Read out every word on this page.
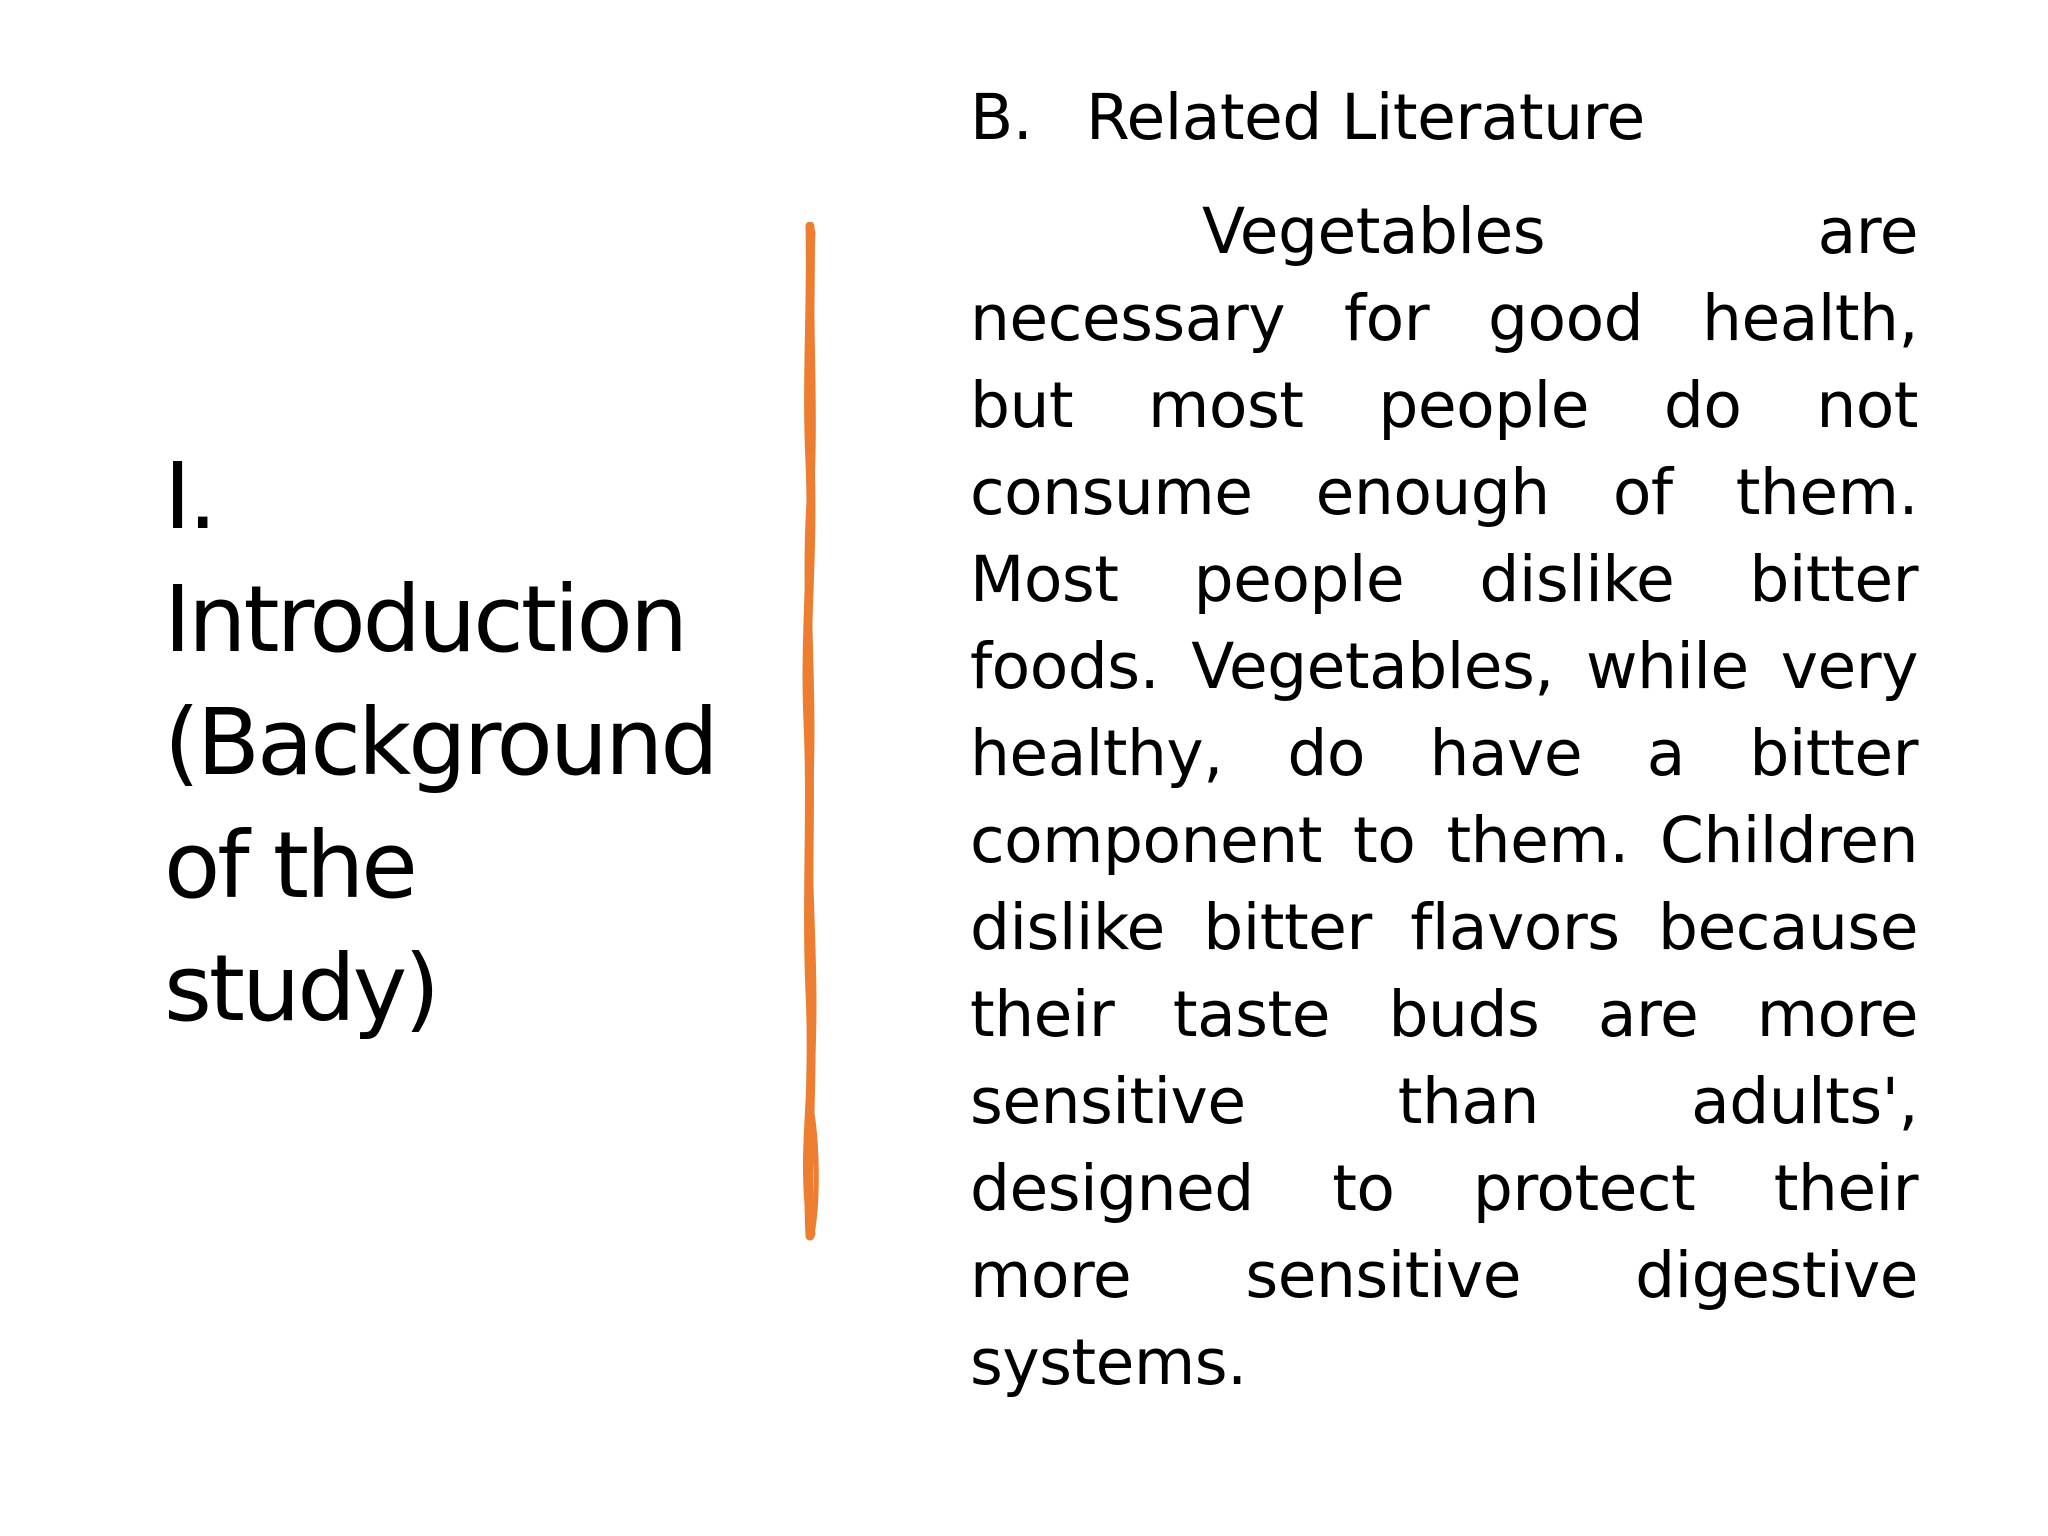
I.
Introduction
(Background
of the
study)
B. Related Literature

Vegetables are necessary for good health, but most people do not consume enough of them. Most people dislike bitter foods. Vegetables, while very healthy, do have a bitter component to them. Children dislike bitter flavors because their taste buds are more sensitive than adults', designed to protect their more sensitive digestive systems.
